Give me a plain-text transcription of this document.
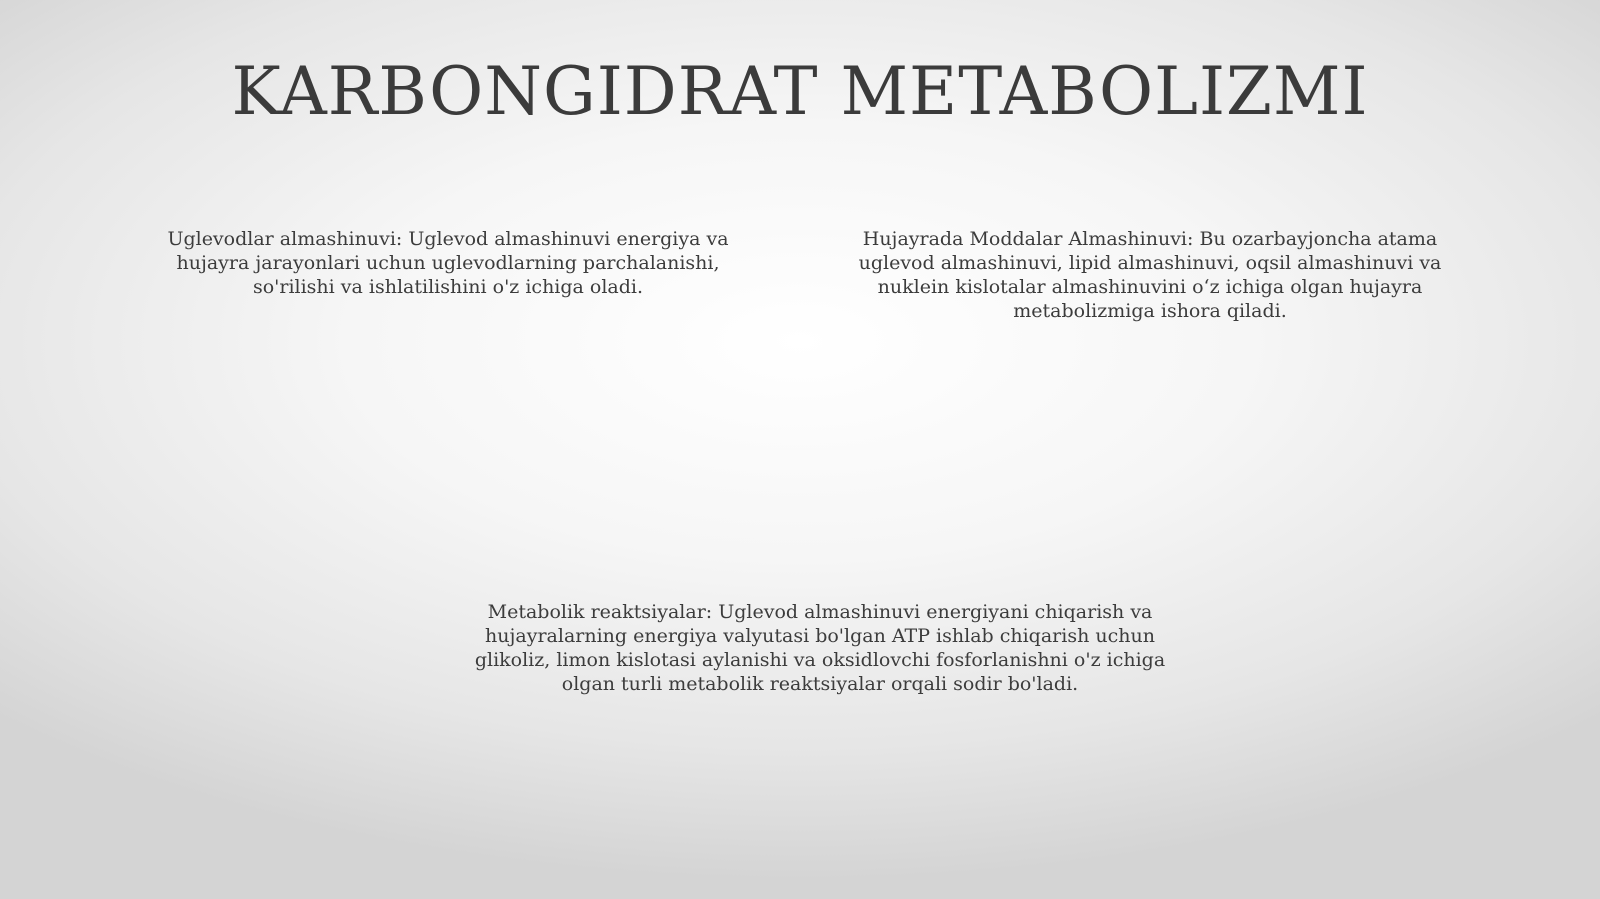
KARBONGIDRAT METABOLIZMI

Uglevodlar almashinuvi: Uglevod almashinuvi energiya va hujayra jarayonlari uchun uglevodlarning parchalanishi, so'rilishi va ishlatilishini o'z ichiga oladi.

Hujayrada Moddalar Almashinuvi: Bu ozarbayjoncha atama uglevod almashinuvi, lipid almashinuvi, oqsil almashinuvi va nuklein kislotalar almashinuvini o‘z ichiga olgan hujayra metabolizmiga ishora qiladi.

Metabolik reaktsiyalar: Uglevod almashinuvi energiyani chiqarish va hujayralarning energiya valyutasi bo'lgan ATP ishlab chiqarish uchun glikoliz, limon kislotasi aylanishi va oksidlovchi fosforlanishni o'z ichiga olgan turli metabolik reaktsiyalar orqali sodir bo'ladi.
